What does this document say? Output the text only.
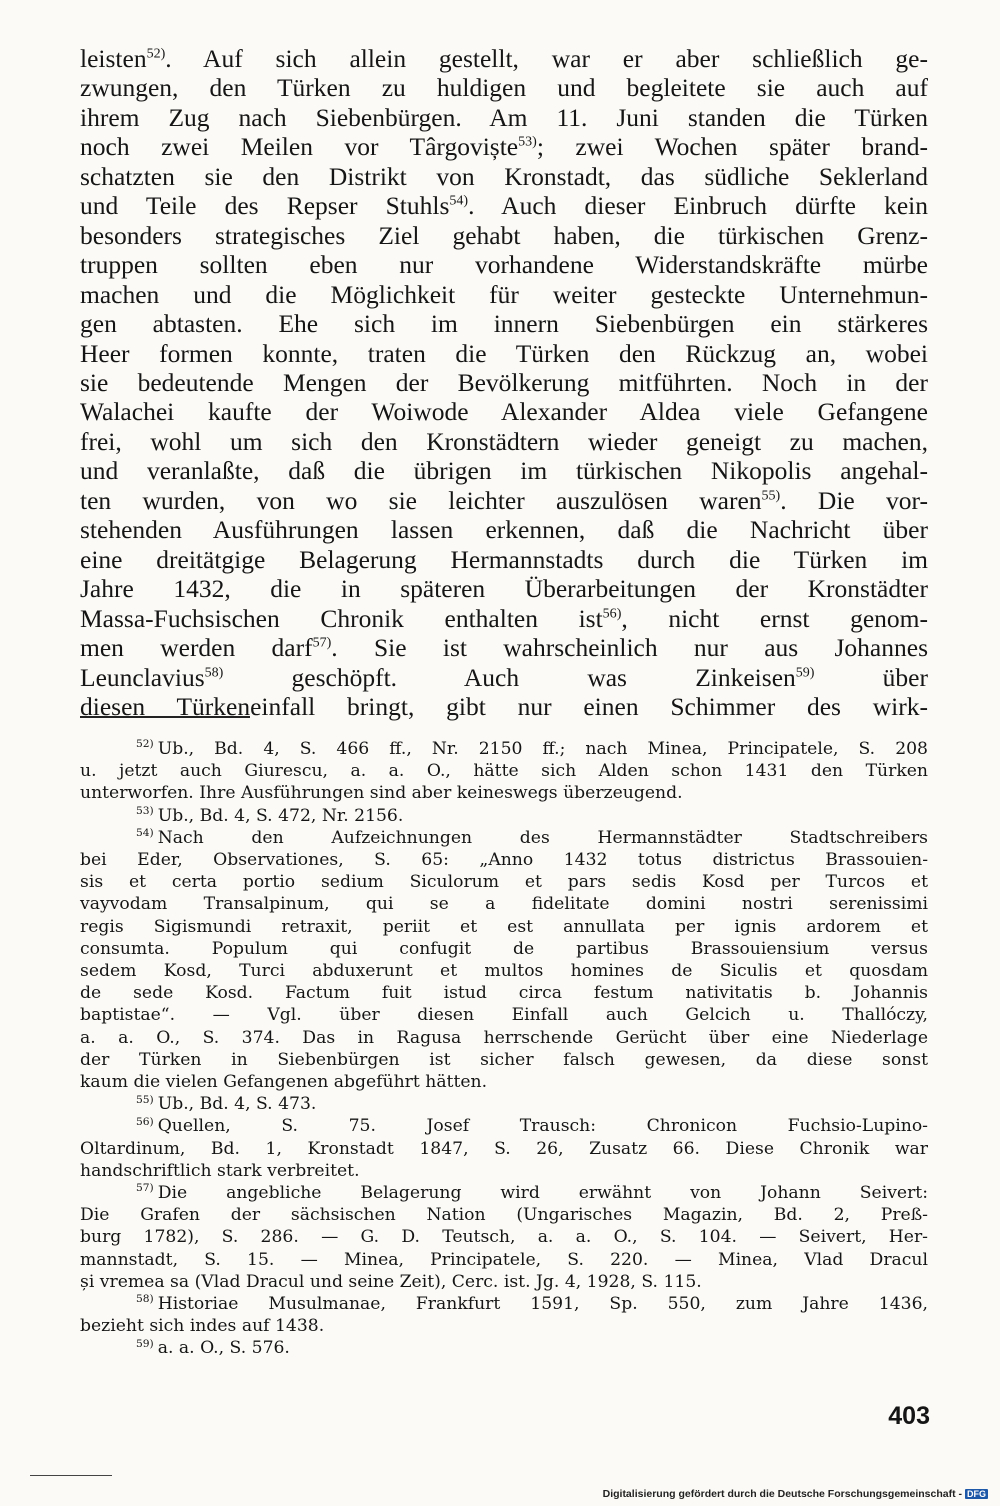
leisten$^{52)}$. Auf sich allein gestellt, war er aber schließlich ge-
zwungen, den Türken zu huldigen und begleitete sie auch auf
ihrem Zug nach Siebenbürgen. Am 11. Juni standen die Türken
noch zwei Meilen vor Târgoviște$^{53)}$; zwei Wochen später brand-
schatzten sie den Distrikt von Kronstadt, das südliche Seklerland
und Teile des Repser Stuhls$^{54)}$. Auch dieser Einbruch dürfte kein
besonders strategisches Ziel gehabt haben, die türkischen Grenz-
truppen sollten eben nur vorhandene Widerstandskräfte mürbe
machen und die Möglichkeit für weiter gesteckte Unternehmun-
gen abtasten. Ehe sich im innern Siebenbürgen ein stärkeres
Heer formen konnte, traten die Türken den Rückzug an, wobei
sie bedeutende Mengen der Bevölkerung mitführten. Noch in der
Walachei kaufte der Woiwode Alexander Aldea viele Gefangene
frei, wohl um sich den Kronstädtern wieder geneigt zu machen,
und veranlaßte, daß die übrigen im türkischen Nikopolis angehal-
ten wurden, von wo sie leichter auszulösen waren$^{55)}$. Die vor-
stehenden Ausführungen lassen erkennen, daß die Nachricht über
eine dreitätgige Belagerung Hermannstadts durch die Türken im
Jahre 1432, die in späteren Überarbeitungen der Kronstädter
Massa-Fuchsischen Chronik enthalten ist$^{56)}$, nicht ernst genom-
men werden darf$^{57)}$. Sie ist wahrscheinlich nur aus Johannes
Leunclavius$^{58)}$ geschöpft. Auch was Zinkeisen$^{59)}$ über
diesen Türkeneinfall bringt, gibt nur einen Schimmer des wirk-
$^{52)}$ Ub., Bd. 4, S. 466 ff., Nr. 2150 ff.; nach Minea, Principatele, S. 208
u. jetzt auch Giurescu, a. a. O., hätte sich Alden schon 1431 den Türken
unterworfen. Ihre Ausführungen sind aber keineswegs überzeugend.
$^{53)}$ Ub., Bd. 4, S. 472, Nr. 2156.
$^{54)}$ Nach den Aufzeichnungen des Hermannstädter Stadtschreibers
bei Eder, Observationes, S. 65: „Anno 1432 totus districtus Brassouien-
sis et certa portio sedium Siculorum et pars sedis Kosd per Turcos et
vayvodam Transalpinum, qui se a fidelitate domini nostri serenissimi
regis Sigismundi retraxit, periit et est annullata per ignis ardorem et
consumta. Populum qui confugit de partibus Brassouiensium versus
sedem Kosd, Turci abduxerunt et multos homines de Siculis et quosdam
de sede Kosd. Factum fuit istud circa festum nativitatis b. Johannis
baptistae“. — Vgl. über diesen Einfall auch Gelcich u. Thallóczy,
a. a. O., S. 374. Das in Ragusa herrschende Gerücht über eine Niederlage
der Türken in Siebenbürgen ist sicher falsch gewesen, da diese sonst
kaum die vielen Gefangenen abgeführt hätten.
$^{55)}$ Ub., Bd. 4, S. 473.
$^{56)}$ Quellen, S. 75. Josef Trausch: Chronicon Fuchsio-Lupino-
Oltardinum, Bd. 1, Kronstadt 1847, S. 26, Zusatz 66. Diese Chronik war
handschriftlich stark verbreitet.
$^{57)}$ Die angebliche Belagerung wird erwähnt von Johann Seivert:
Die Grafen der sächsischen Nation (Ungarisches Magazin, Bd. 2, Preß-
burg 1782), S. 286. — G. D. Teutsch, a. a. O., S. 104. — Seivert, Her-
mannstadt, S. 15. — Minea, Principatele, S. 220. — Minea, Vlad Dracul
și vremea sa (Vlad Dracul und seine Zeit), Cerc. ist. Jg. 4, 1928, S. 115.
$^{58)}$ Historiae Musulmanae, Frankfurt 1591, Sp. 550, zum Jahre 1436,
bezieht sich indes auf 1438.
$^{59)}$ a. a. O., S. 576.
403
Digitalisierung gefördert durch die Deutsche Forschungsgemeinschaft - DFG
